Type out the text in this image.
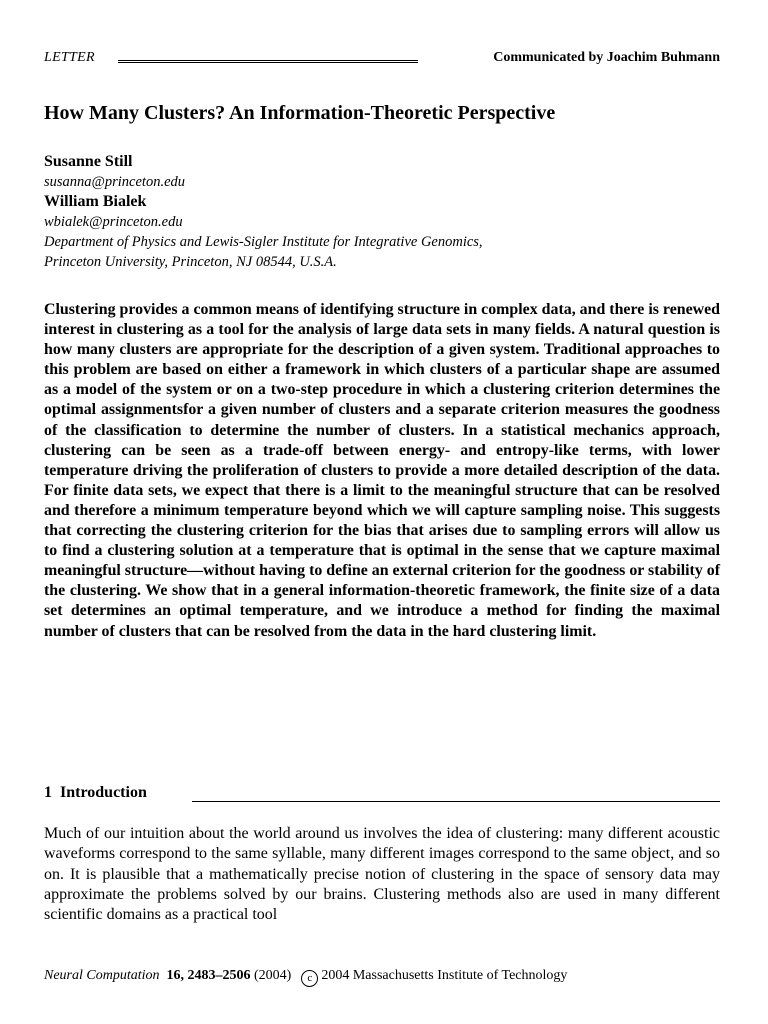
LETTER	Communicated by Joachim Buhmann
How Many Clusters? An Information-Theoretic Perspective
Susanne Still
susanna@princeton.edu
William Bialek
wbialek@princeton.edu
Department of Physics and Lewis-Sigler Institute for Integrative Genomics,
Princeton University, Princeton, NJ 08544, U.S.A.

Clustering provides a common means of identifying structure in complex data, and there is renewed interest in clustering as a tool for the analysis of large data sets in many fields. A natural question is how many clusters are appropriate for the description of a given system. Traditional approaches to this problem are based on either a framework in which clusters of a particular shape are assumed as a model of the system or on a two-step procedure in which a clustering criterion determines the optimal assignmentsfor a given number of clusters and a separate criterion measures the goodness of the classification to determine the number of clusters. In a statistical mechanics approach, clustering can be seen as a trade-off between energy- and entropy-like terms, with lower temperature driving the proliferation of clusters to provide a more detailed description of the data. For finite data sets, we expect that there is a limit to the meaningful structure that can be resolved and therefore a minimum temperature beyond which we will capture sampling noise. This suggests that correcting the clustering criterion for the bias that arises due to sampling errors will allow us to find a clustering solution at a temperature that is optimal in the sense that we capture maximal meaningful structure—without having to define an external criterion for the goodness or stability of the clustering. We show that in a general information-theoretic framework, the finite size of a data set determines an optimal temperature, and we introduce a method for finding the maximal number of clusters that can be resolved from the data in the hard clustering limit.

1 Introduction

Much of our intuition about the world around us involves the idea of clustering: many different acoustic waveforms correspond to the same syllable, many different images correspond to the same object, and so on. It is plausible that a mathematically precise notion of clustering in the space of sensory data may approximate the problems solved by our brains. Clustering methods also are used in many different scientific domains as a practical tool

Neural Computation 16, 2483–2506 (2004) c 2004 Massachusetts Institute of Technology
